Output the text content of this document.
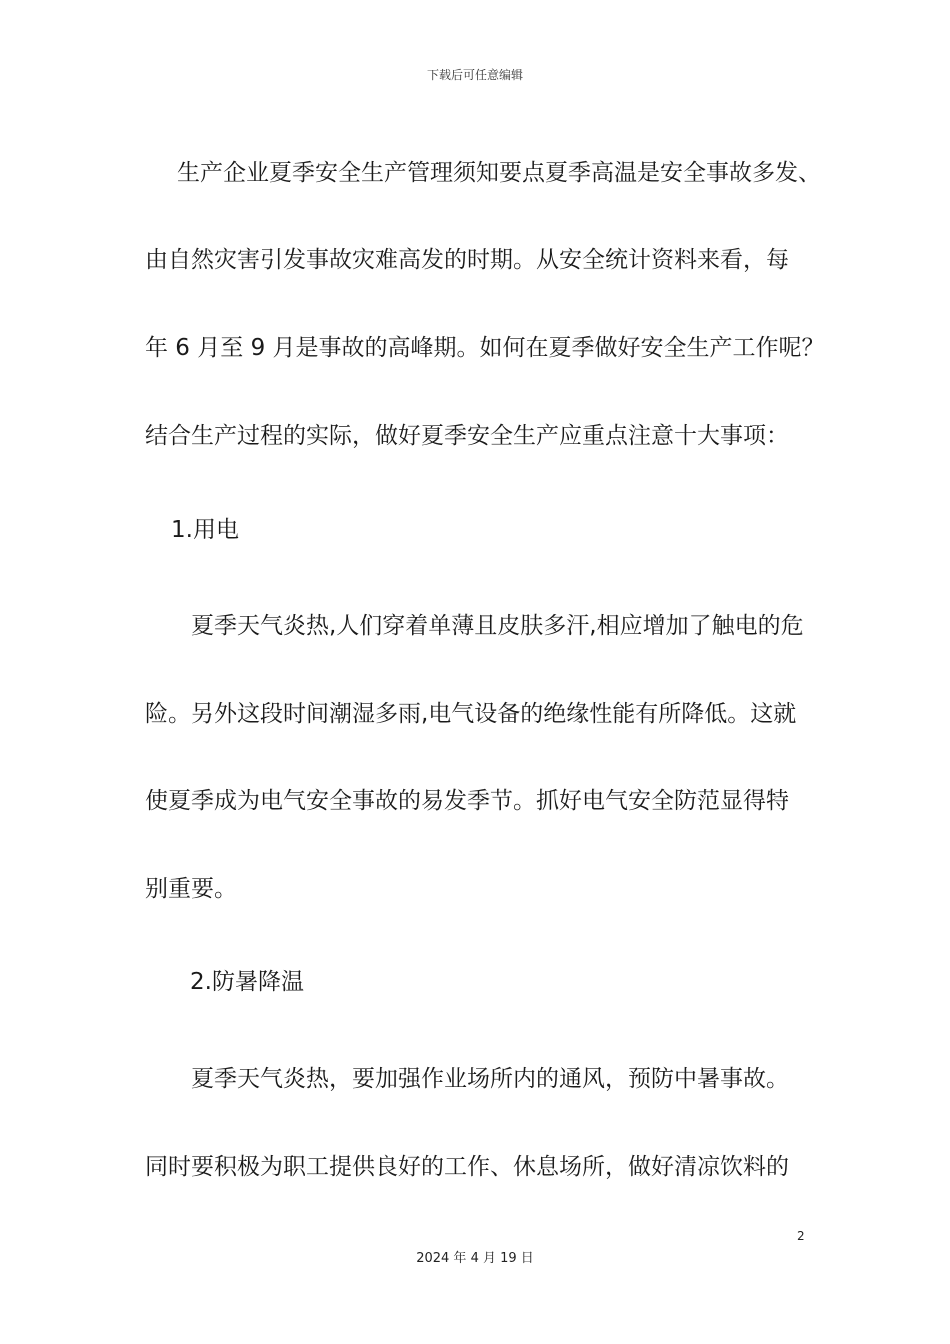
下载后可任意编辑
生产企业夏季安全生产管理须知要点夏季高温是安全事故多发、
由自然灾害引发事故灾难高发的时期。从安全统计资料来看，每
年 6 月至 9 月是事故的高峰期。如何在夏季做好安全生产工作呢？
结合生产过程的实际，做好夏季安全生产应重点注意十大事项：
1.用电
夏季天气炎热,人们穿着单薄且皮肤多汗,相应增加了触电的危
险。另外这段时间潮湿多雨,电气设备的绝缘性能有所降低。这就
使夏季成为电气安全事故的易发季节。抓好电气安全防范显得特
别重要。
2.防暑降温
夏季天气炎热，要加强作业场所内的通风，预防中暑事故。
同时要积极为职工提供良好的工作、休息场所，做好清凉饮料的
2
2024 年 4 月 19 日
